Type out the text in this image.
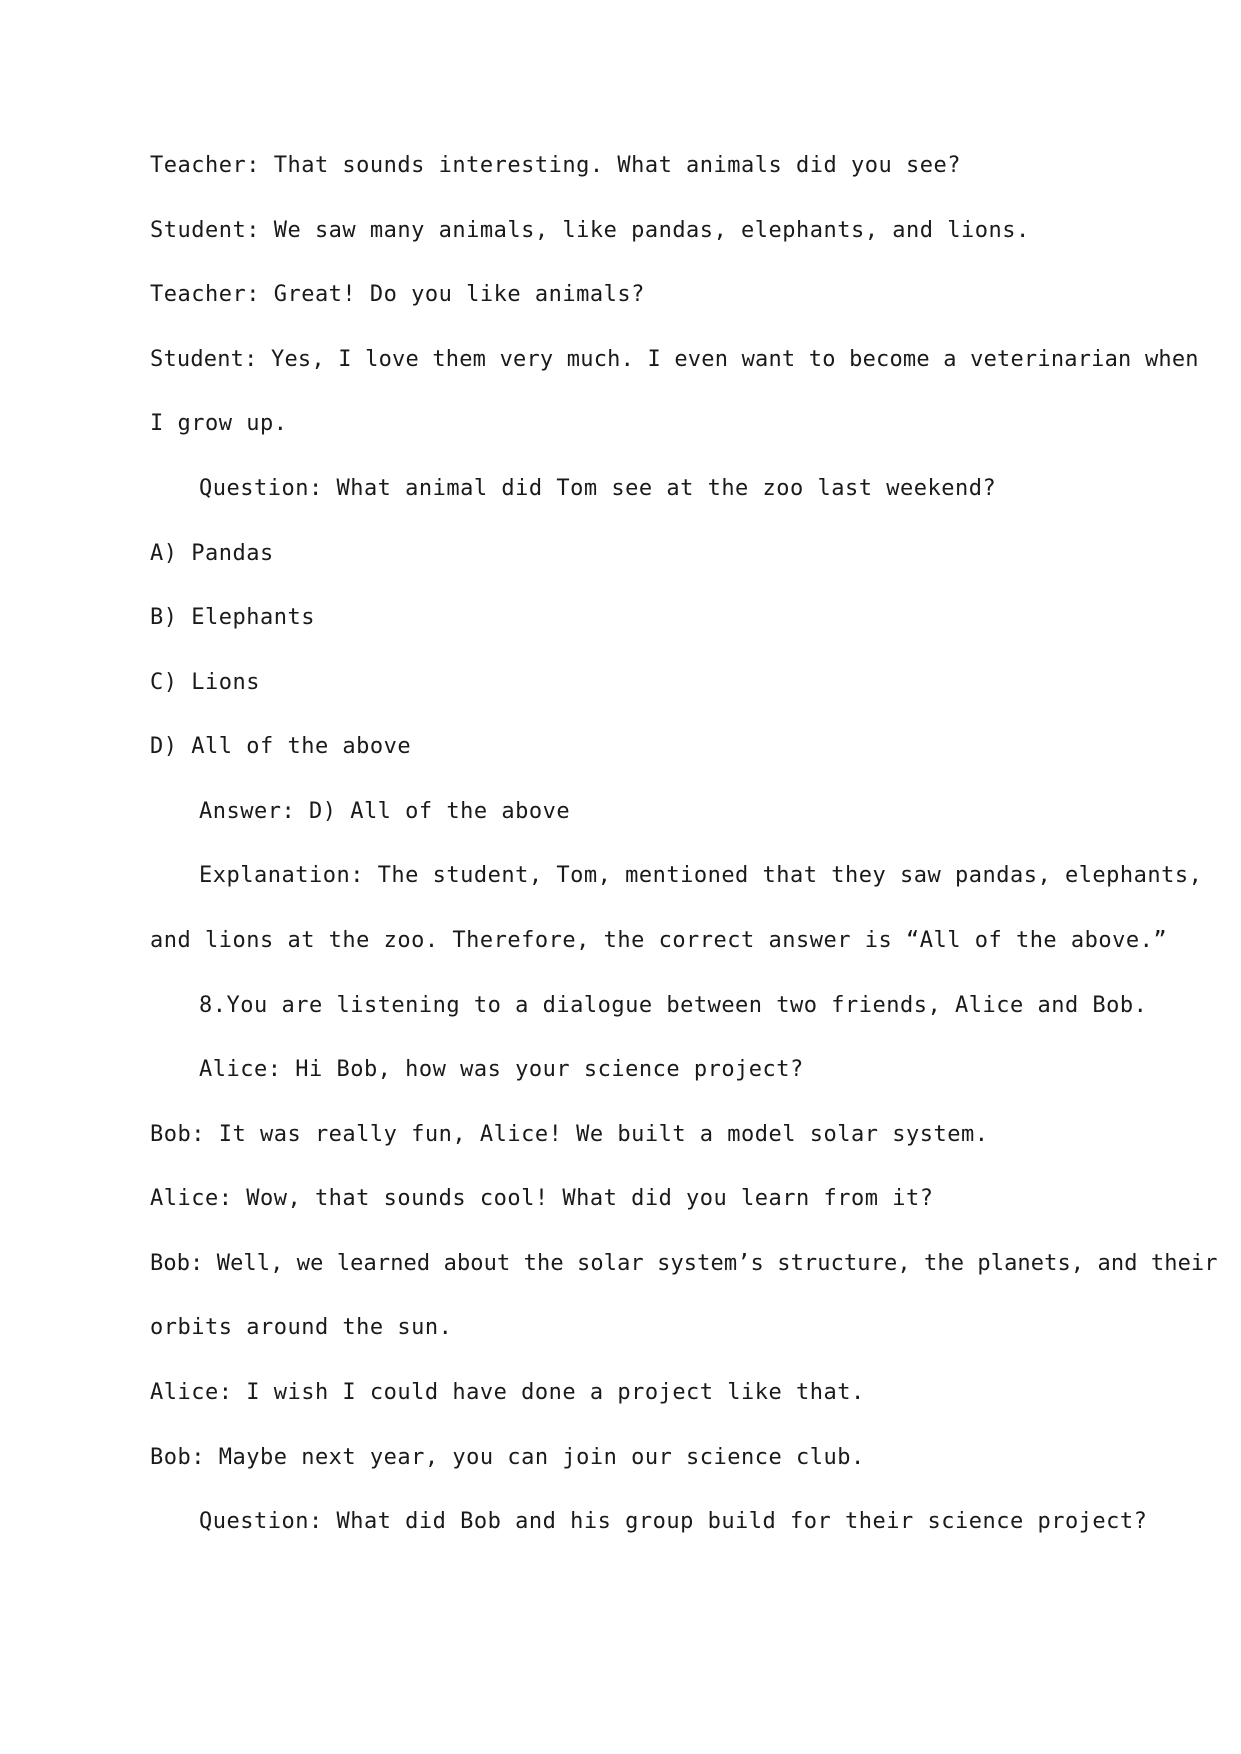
Teacher: That sounds interesting. What animals did you see?
Student: We saw many animals, like pandas, elephants, and lions.
Teacher: Great! Do you like animals?
Student: Yes, I love them very much. I even want to become a veterinarian when
I grow up.
Question: What animal did Tom see at the zoo last weekend?
A) Pandas
B) Elephants
C) Lions
D) All of the above
Answer: D) All of the above
Explanation: The student, Tom, mentioned that they saw pandas, elephants,
and lions at the zoo. Therefore, the correct answer is “All of the above.”
8.You are listening to a dialogue between two friends, Alice and Bob.
Alice: Hi Bob, how was your science project?
Bob: It was really fun, Alice! We built a model solar system.
Alice: Wow, that sounds cool! What did you learn from it?
Bob: Well, we learned about the solar system’s structure, the planets, and their
orbits around the sun.
Alice: I wish I could have done a project like that.
Bob: Maybe next year, you can join our science club.
Question: What did Bob and his group build for their science project?
